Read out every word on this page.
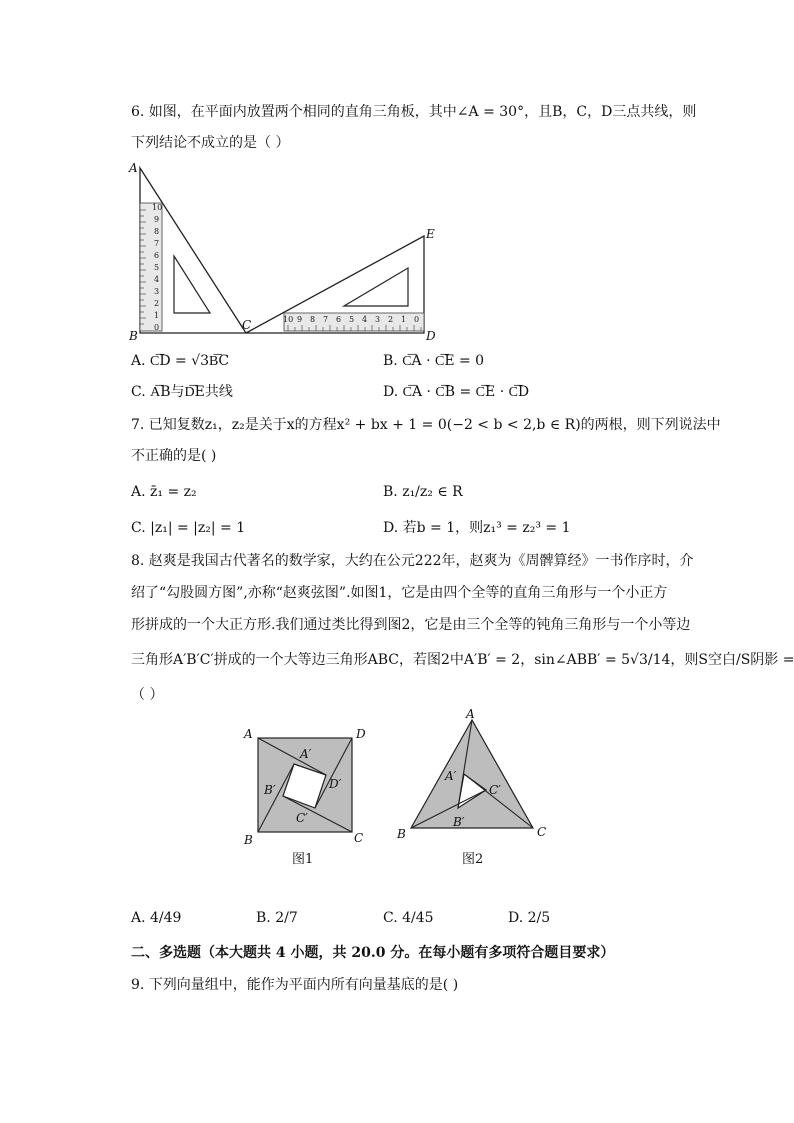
6. 如图，在平面内放置两个相同的直角三角板，其中∠A = 30°，且B，C，D三点共线，则
下列结论不成立的是（ ）
0
1
2
3
4
5
6
7
8
9
10
10 9 8 7 6 5 4 3 2 1 0
A
B
C
D
E
A. C͞D = √3B͞C	B. C͞A · C͞E = 0
C. A͞B与D͞E共线	D. C͞A · C͞B = C͞E · C͞D
7. 已知复数z₁，z₂是关于x的方程x² + bx + 1 = 0(−2 < b < 2,b ∈ R)的两根，则下列说法中
不正确的是( )
A. z̄₁ = z₂	B. z₁/z₂ ∈ R
C. |z₁| = |z₂| = 1	D. 若b = 1，则z₁³ = z₂³ = 1
8. 赵爽是我国古代著名的数学家，大约在公元222年，赵爽为《周髀算经》一书作序时，介
绍了“勾股圆方图”,亦称“赵爽弦图”.如图1，它是由四个全等的直角三角形与一个小正方
形拼成的一个大正方形.我们通过类比得到图2，它是由三个全等的钝角三角形与一个小等边
三角形A′B′C′拼成的一个大等边三角形ABC，若图2中A′B′ = 2，sin∠ABB′ = 5√3/14，则S空白/S阴影 =
（ ）
A	D
B	C
A′
B′	D′
C′
图1
A
B	C
A′
C′
B′
图2
A. 4/49	B. 2/7	C. 4/45	D. 2/5
二、多选题（本大题共 4 小题，共 20.0 分。在每小题有多项符合题目要求）
9. 下列向量组中，能作为平面内所有向量基底的是( )
